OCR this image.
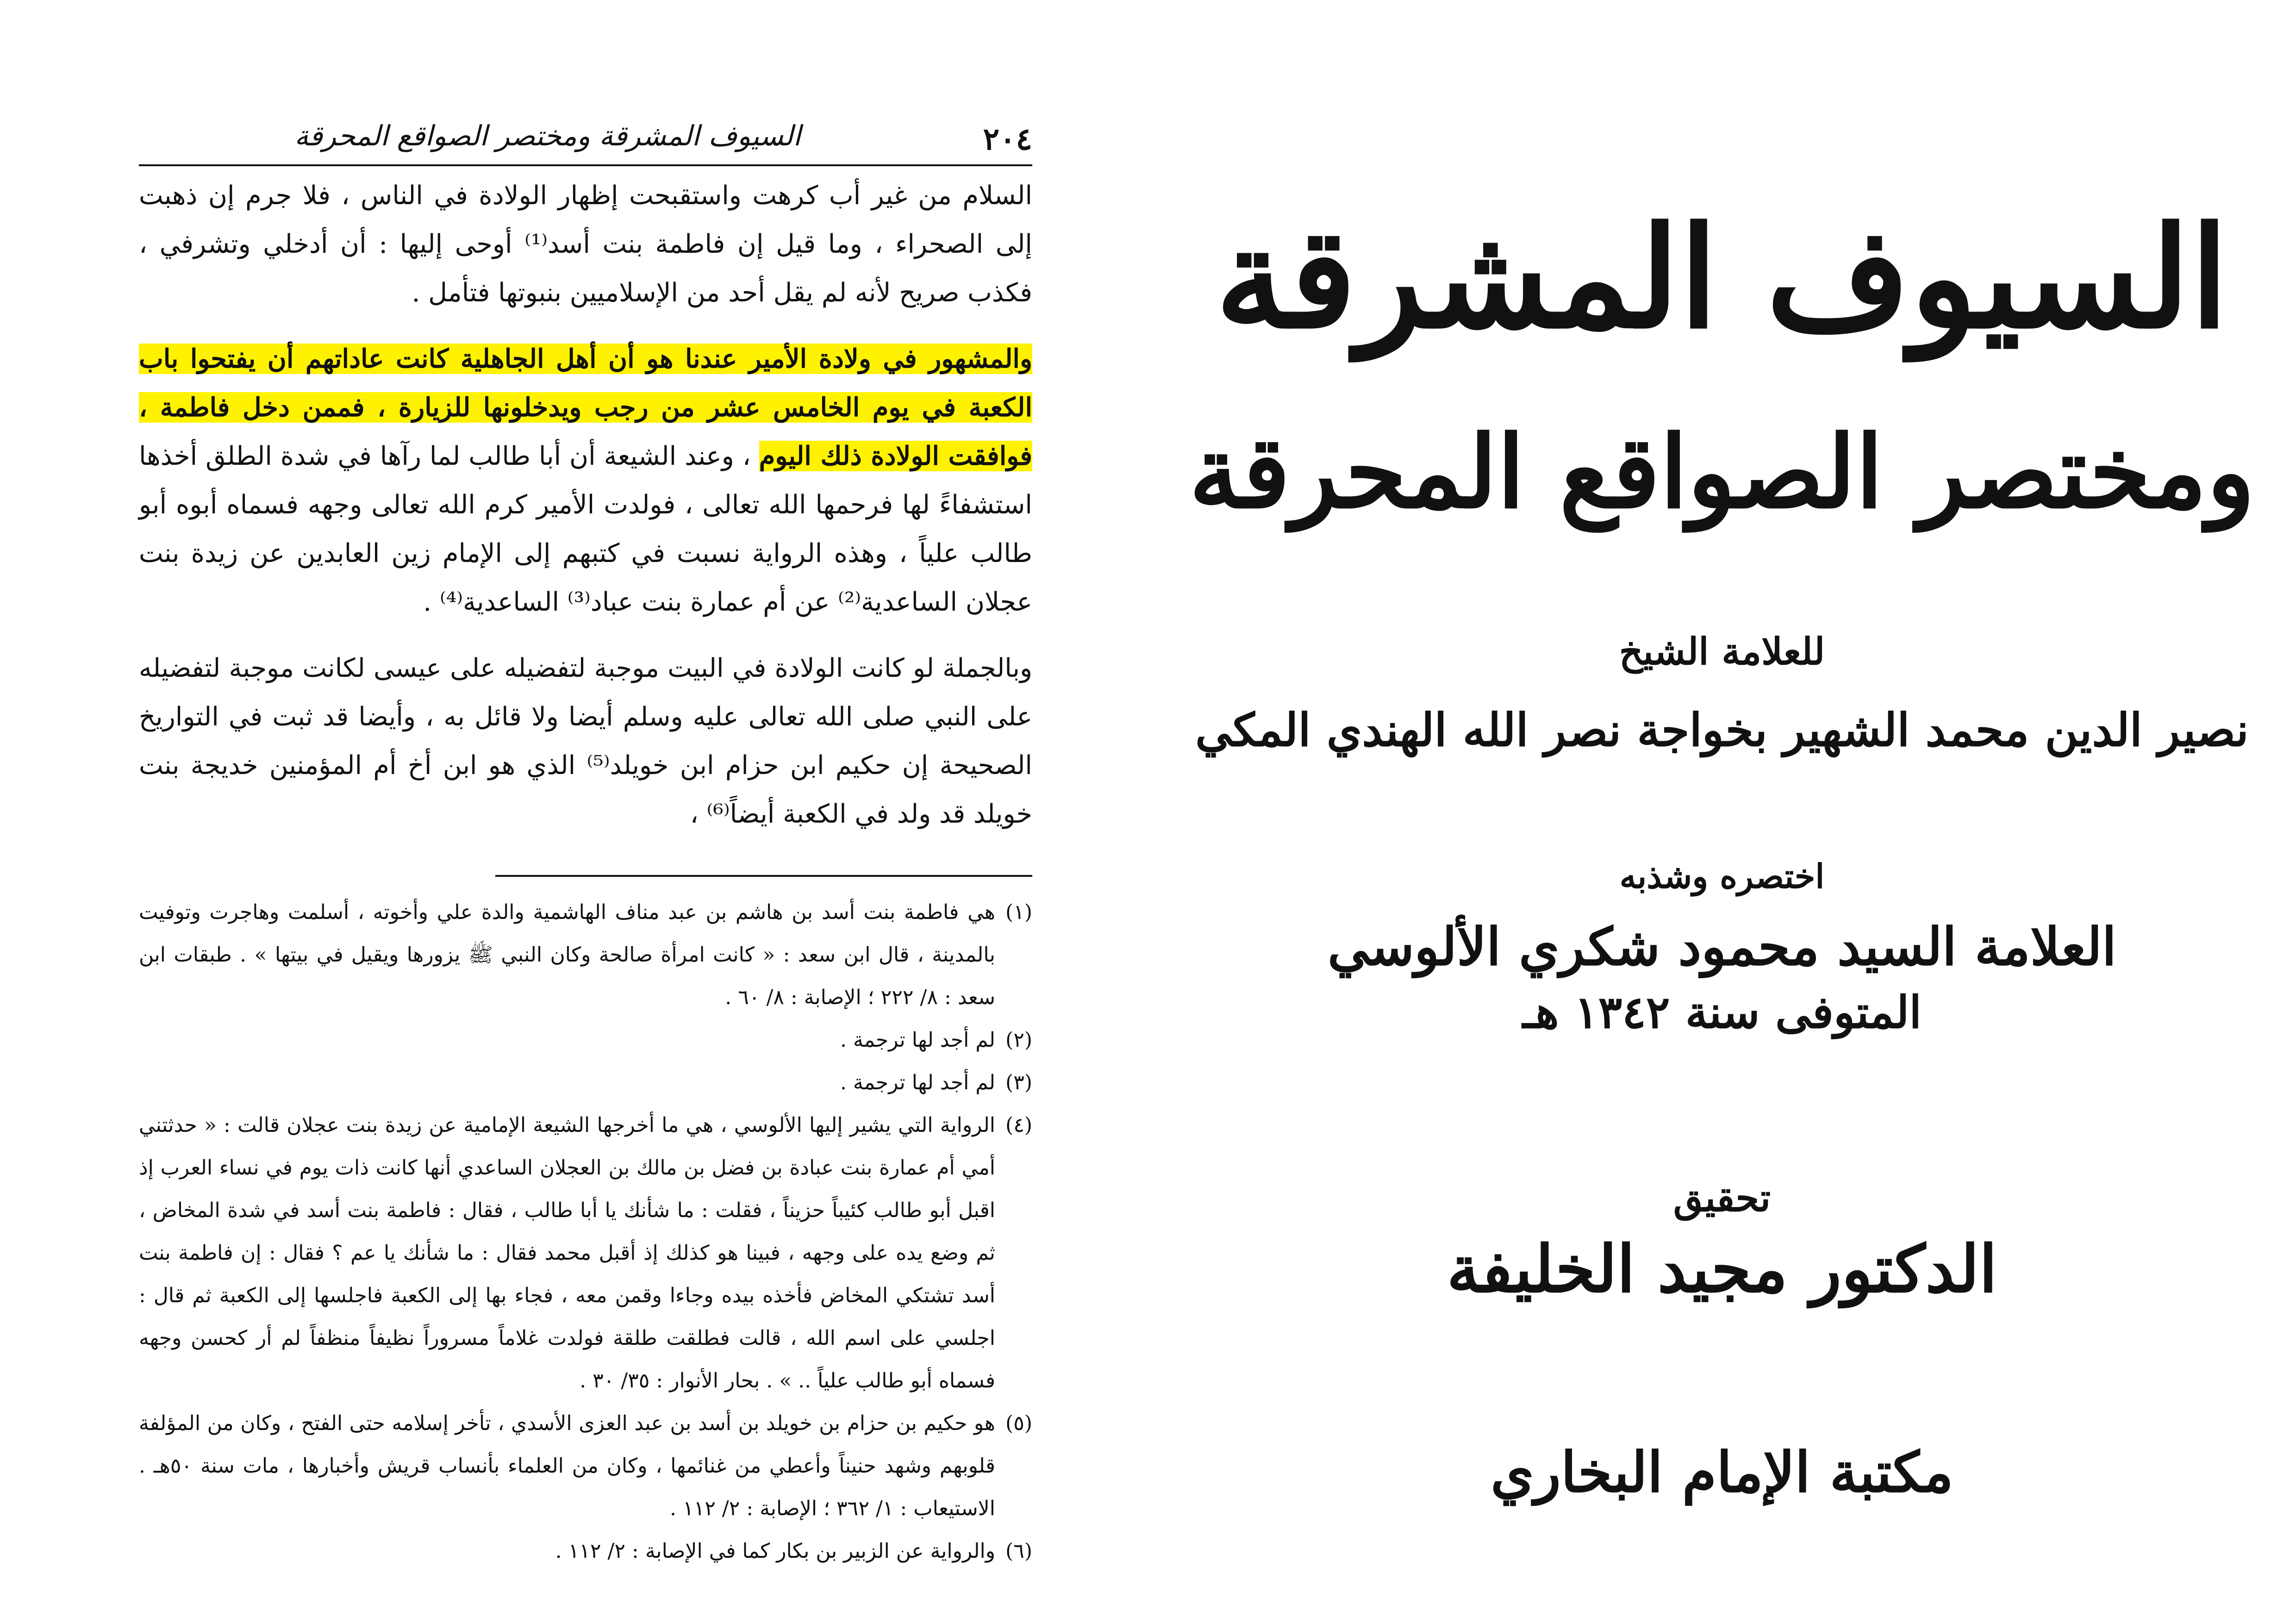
٢٠٤
السيوف المشرقة ومختصر الصواقع المحرقة

السلام من غير أب كرهت واستقبحت إظهار الولادة في الناس ، فلا جرم إن ذهبت إلى الصحراء ، وما قيل إن فاطمة بنت أسد⁽¹⁾ أوحى إليها : أن أدخلي وتشرفي ، فكذب صريح لأنه لم يقل أحد من الإسلاميين بنبوتها فتأمل .

والمشهور في ولادة الأمير عندنا هو أن أهل الجاهلية كانت عاداتهم أن يفتحوا باب الكعبة في يوم الخامس عشر من رجب ويدخلونها للزيارة ، فممن دخل فاطمة ، فوافقت الولادة ذلك اليوم ، وعند الشيعة أن أبا طالب لما رآها في شدة الطلق أخذها استشفاءً لها فرحمها الله تعالى ، فولدت الأمير كرم الله تعالى وجهه فسماه أبوه أبو طالب علياً ، وهذه الرواية نسبت في كتبهم إلى الإمام زين العابدين عن زيدة بنت عجلان الساعدية⁽²⁾ عن أم عمارة بنت عباد⁽³⁾ الساعدية⁽⁴⁾ .

وبالجملة لو كانت الولادة في البيت موجبة لتفضيله على عيسى لكانت موجبة لتفضيله على النبي صلى الله تعالى عليه وسلم أيضا ولا قائل به ، وأيضا قد ثبت في التواريخ الصحيحة إن حكيم ابن حزام ابن خويلد⁽⁵⁾ الذي هو ابن أخ أم المؤمنين خديجة بنت خويلد قد ولد في الكعبة أيضاً⁽⁶⁾ ،

(١)
هي فاطمة بنت أسد بن هاشم بن عبد مناف الهاشمية والدة علي وأخوته ، أسلمت وهاجرت وتوفيت بالمدينة ، قال ابن سعد : « كانت امرأة صالحة وكان النبي ﷺ يزورها ويقيل في بيتها » . طبقات ابن سعد : ٨/ ٢٢٢ ؛ الإصابة : ٨/ ٦٠ .

(٢)
لم أجد لها ترجمة .

(٣)
لم أجد لها ترجمة .

(٤)
الرواية التي يشير إليها الألوسي ، هي ما أخرجها الشيعة الإمامية عن زيدة بنت عجلان قالت : « حدثتني أمي أم عمارة بنت عبادة بن فضل بن مالك بن العجلان الساعدي أنها كانت ذات يوم في نساء العرب إذ اقبل أبو طالب كئيباً حزيناً ، فقلت : ما شأنك يا أبا طالب ، فقال : فاطمة بنت أسد في شدة المخاض ، ثم وضع يده على وجهه ، فبينا هو كذلك إذ أقبل محمد فقال : ما شأنك يا عم ؟ فقال : إن فاطمة بنت أسد تشتكي المخاض فأخذه بيده وجاءا وقمن معه ، فجاء بها إلى الكعبة فاجلسها إلى الكعبة ثم قال : اجلسي على اسم الله ، قالت فطلقت طلقة فولدت غلاماً مسروراً نظيفاً منظفاً لم أر كحسن وجهه فسماه أبو طالب علياً .. » . بحار الأنوار : ٣٥/ ٣٠ .

(٥)
هو حكيم بن حزام بن خويلد بن أسد بن عبد العزى الأسدي ، تأخر إسلامه حتى الفتح ، وكان من المؤلفة قلوبهم وشهد حنيناً وأعطي من غنائمها ، وكان من العلماء بأنساب قريش وأخبارها ، مات سنة ٥٠هـ . الاستيعاب : ١/ ٣٦٢ ؛ الإصابة : ٢/ ١١٢ .

(٦)
والرواية عن الزبير بن بكار كما في الإصابة : ٢/ ١١٢ .

السيوف المشرقة
ومختصر الصواقع المحرقة
للعلامة الشيخ
نصير الدين محمد الشهير بخواجة نصر الله الهندي المكي
اختصره وشذبه
العلامة السيد محمود شكري الألوسي
المتوفى سنة ١٣٤٢ هـ
تحقيق
الدكتور مجيد الخليفة
مكتبة الإمام البخاري
